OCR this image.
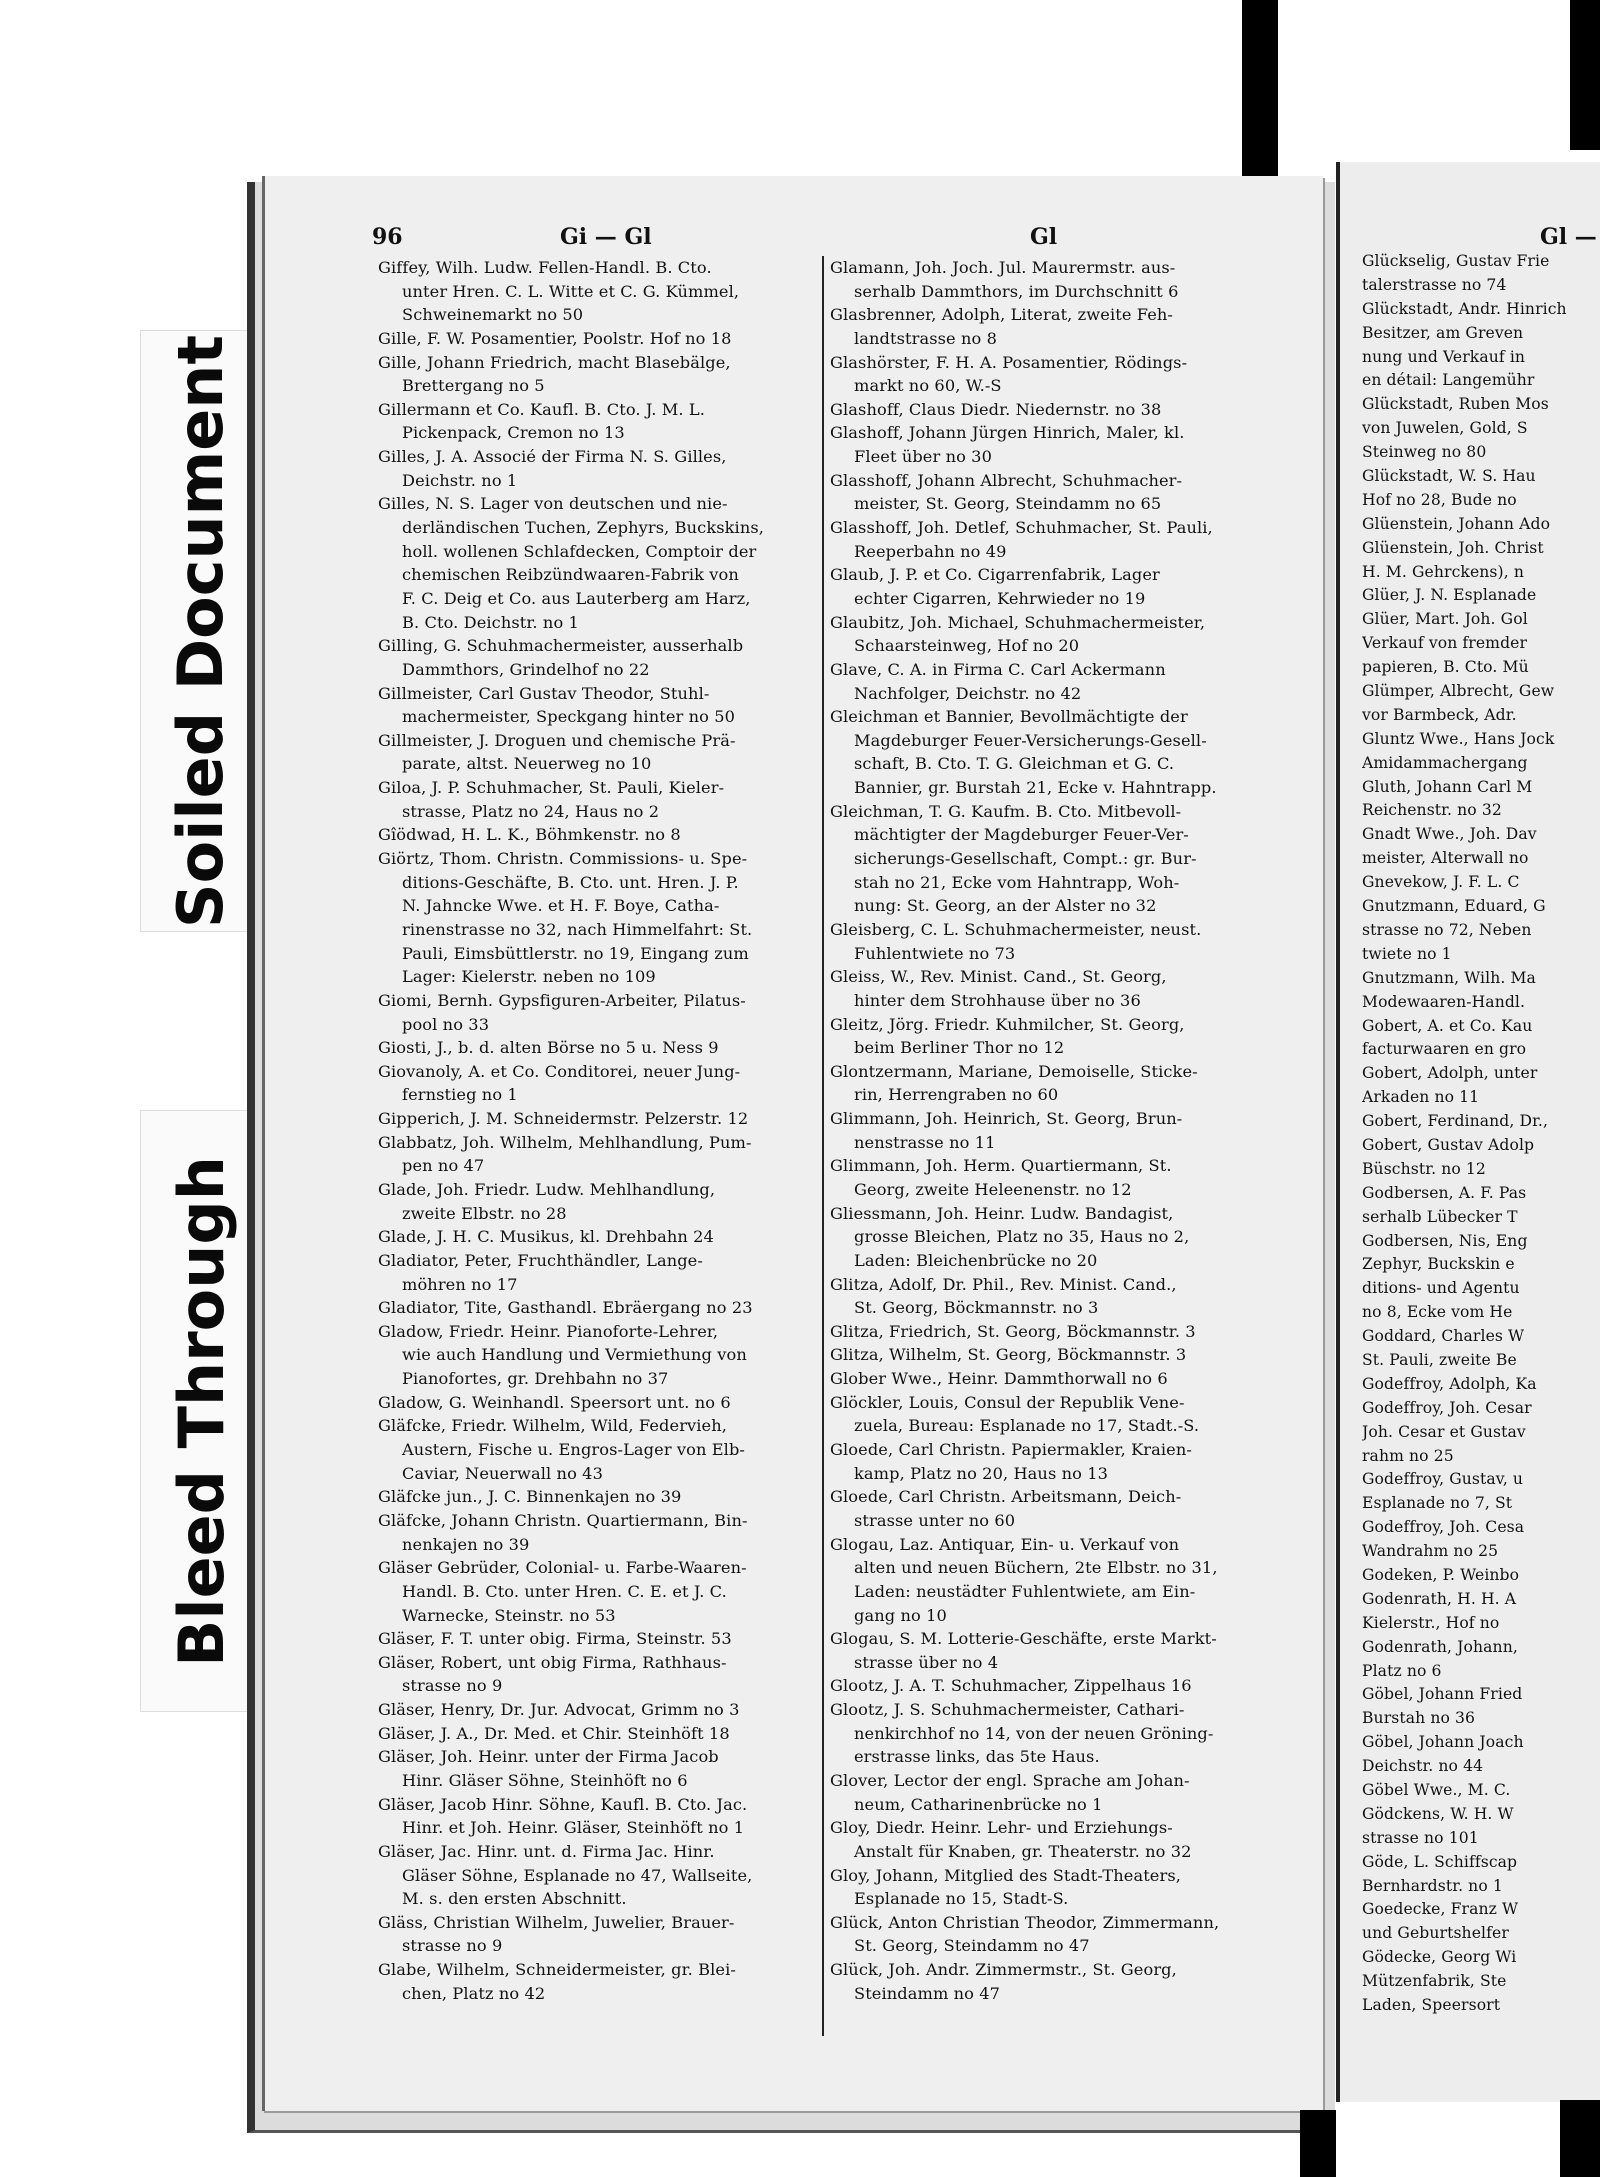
Soiled Document
Bleed Through
96	Gi — Gl	Gl	Gl —
Giffey, Wilh. Ludw. Fellen-Handl. B. Cto.
unter Hren. C. L. Witte et C. G. Kümmel,
Schweinemarkt no 50
Gille, F. W. Posamentier, Poolstr. Hof no 18
Gille, Johann Friedrich, macht Blasebälge,
Brettergang no 5
Gillermann et Co. Kaufl. B. Cto. J. M. L.
Pickenpack, Cremon no 13
Gilles, J. A. Associé der Firma N. S. Gilles,
Deichstr. no 1
Gilles, N. S. Lager von deutschen und nie-
derländischen Tuchen, Zephyrs, Buckskins,
holl. wollenen Schlafdecken, Comptoir der
chemischen Reibzündwaaren-Fabrik von
F. C. Deig et Co. aus Lauterberg am Harz,
B. Cto. Deichstr. no 1
Gilling, G. Schuhmachermeister, ausserhalb
Dammthors, Grindelhof no 22
Gillmeister, Carl Gustav Theodor, Stuhl-
machermeister, Speckgang hinter no 50
Gillmeister, J. Droguen und chemische Prä-
parate, altst. Neuerweg no 10
Giloa, J. P. Schuhmacher, St. Pauli, Kieler-
strasse, Platz no 24, Haus no 2
Gîödwad, H. L. K., Böhmkenstr. no 8
Giörtz, Thom. Christn. Commissions- u. Spe-
ditions-Geschäfte, B. Cto. unt. Hren. J. P.
N. Jahncke Wwe. et H. F. Boye, Catha-
rinenstrasse no 32, nach Himmelfahrt: St.
Pauli, Eimsbüttlerstr. no 19, Eingang zum
Lager: Kielerstr. neben no 109
Giomi, Bernh. Gypsfiguren-Arbeiter, Pilatus-
pool no 33
Giosti, J., b. d. alten Börse no 5 u. Ness 9
Giovanoly, A. et Co. Conditorei, neuer Jung-
fernstieg no 1
Gipperich, J. M. Schneidermstr. Pelzerstr. 12
Glabbatz, Joh. Wilhelm, Mehlhandlung, Pum-
pen no 47
Glade, Joh. Friedr. Ludw. Mehlhandlung,
zweite Elbstr. no 28
Glade, J. H. C. Musikus, kl. Drehbahn 24
Gladiator, Peter, Fruchthändler, Lange-
möhren no 17
Gladiator, Tite, Gasthandl. Ebräergang no 23
Gladow, Friedr. Heinr. Pianoforte-Lehrer,
wie auch Handlung und Vermiethung von
Pianofortes, gr. Drehbahn no 37
Gladow, G. Weinhandl. Speersort unt. no 6
Gläfcke, Friedr. Wilhelm, Wild, Federvieh,
Austern, Fische u. Engros-Lager von Elb-
Caviar, Neuerwall no 43
Gläfcke jun., J. C. Binnenkajen no 39
Gläfcke, Johann Christn. Quartiermann, Bin-
nenkajen no 39
Gläser Gebrüder, Colonial- u. Farbe-Waaren-
Handl. B. Cto. unter Hren. C. E. et J. C.
Warnecke, Steinstr. no 53
Gläser, F. T. unter obig. Firma, Steinstr. 53
Gläser, Robert, unt obig Firma, Rathhaus-
strasse no 9
Gläser, Henry, Dr. Jur. Advocat, Grimm no 3
Gläser, J. A., Dr. Med. et Chir. Steinhöft 18
Gläser, Joh. Heinr. unter der Firma Jacob
Hinr. Gläser Söhne, Steinhöft no 6
Gläser, Jacob Hinr. Söhne, Kaufl. B. Cto. Jac.
Hinr. et Joh. Heinr. Gläser, Steinhöft no 1
Gläser, Jac. Hinr. unt. d. Firma Jac. Hinr.
Gläser Söhne, Esplanade no 47, Wallseite,
M. s. den ersten Abschnitt.
Gläss, Christian Wilhelm, Juwelier, Brauer-
strasse no 9
Glabe, Wilhelm, Schneidermeister, gr. Blei-
chen, Platz no 42
Glamann, Joh. Joch. Jul. Maurermstr. aus-
serhalb Dammthors, im Durchschnitt 6
Glasbrenner, Adolph, Literat, zweite Feh-
landtstrasse no 8
Glashörster, F. H. A. Posamentier, Rödings-
markt no 60, W.-S
Glashoff, Claus Diedr. Niedernstr. no 38
Glashoff, Johann Jürgen Hinrich, Maler, kl.
Fleet über no 30
Glasshoff, Johann Albrecht, Schuhmacher-
meister, St. Georg, Steindamm no 65
Glasshoff, Joh. Detlef, Schuhmacher, St. Pauli,
Reeperbahn no 49
Glaub, J. P. et Co. Cigarrenfabrik, Lager
echter Cigarren, Kehrwieder no 19
Glaubitz, Joh. Michael, Schuhmachermeister,
Schaarsteinweg, Hof no 20
Glave, C. A. in Firma C. Carl Ackermann
Nachfolger, Deichstr. no 42
Gleichman et Bannier, Bevollmächtigte der
Magdeburger Feuer-Versicherungs-Gesell-
schaft, B. Cto. T. G. Gleichman et G. C.
Bannier, gr. Burstah 21, Ecke v. Hahntrapp.
Gleichman, T. G. Kaufm. B. Cto. Mitbevoll-
mächtigter der Magdeburger Feuer-Ver-
sicherungs-Gesellschaft, Compt.: gr. Bur-
stah no 21, Ecke vom Hahntrapp, Woh-
nung: St. Georg, an der Alster no 32
Gleisberg, C. L. Schuhmachermeister, neust.
Fuhlentwiete no 73
Gleiss, W., Rev. Minist. Cand., St. Georg,
hinter dem Strohhause über no 36
Gleitz, Jörg. Friedr. Kuhmilcher, St. Georg,
beim Berliner Thor no 12
Glontzermann, Mariane, Demoiselle, Sticke-
rin, Herrengraben no 60
Glimmann, Joh. Heinrich, St. Georg, Brun-
nenstrasse no 11
Glimmann, Joh. Herm. Quartiermann, St.
Georg, zweite Heleenenstr. no 12
Gliessmann, Joh. Heinr. Ludw. Bandagist,
grosse Bleichen, Platz no 35, Haus no 2,
Laden: Bleichenbrücke no 20
Glitza, Adolf, Dr. Phil., Rev. Minist. Cand.,
St. Georg, Böckmannstr. no 3
Glitza, Friedrich, St. Georg, Böckmannstr. 3
Glitza, Wilhelm, St. Georg, Böckmannstr. 3
Glober Wwe., Heinr. Dammthorwall no 6
Glöckler, Louis, Consul der Republik Vene-
zuela, Bureau: Esplanade no 17, Stadt.-S.
Gloede, Carl Christn. Papiermakler, Kraien-
kamp, Platz no 20, Haus no 13
Gloede, Carl Christn. Arbeitsmann, Deich-
strasse unter no 60
Glogau, Laz. Antiquar, Ein- u. Verkauf von
alten und neuen Büchern, 2te Elbstr. no 31,
Laden: neustädter Fuhlentwiete, am Ein-
gang no 10
Glogau, S. M. Lotterie-Geschäfte, erste Markt-
strasse über no 4
Glootz, J. A. T. Schuhmacher, Zippelhaus 16
Glootz, J. S. Schuhmachermeister, Cathari-
nenkirchhof no 14, von der neuen Gröning-
erstrasse links, das 5te Haus.
Glover, Lector der engl. Sprache am Johan-
neum, Catharinenbrücke no 1
Gloy, Diedr. Heinr. Lehr- und Erziehungs-
Anstalt für Knaben, gr. Theaterstr. no 32
Gloy, Johann, Mitglied des Stadt-Theaters,
Esplanade no 15, Stadt-S.
Glück, Anton Christian Theodor, Zimmermann,
St. Georg, Steindamm no 47
Glück, Joh. Andr. Zimmermstr., St. Georg,
Steindamm no 47
Glückselig, Gustav Frie
talerstrasse no 74
Glückstadt, Andr. Hinrich
Besitzer, am Greven
nung und Verkauf in
en détail: Langemühr
Glückstadt, Ruben Mos
von Juwelen, Gold, S
Steinweg no 80
Glückstadt, W. S. Hau
Hof no 28, Bude no
Glüenstein, Johann Ado
Glüenstein, Joh. Christ
H. M. Gehrckens), n
Glüer, J. N. Esplanade
Glüer, Mart. Joh. Gol
Verkauf von fremder
papieren, B. Cto. Mü
Glümper, Albrecht, Gew
vor Barmbeck, Adr.
Gluntz Wwe., Hans Jock
Amidammachergang
Gluth, Johann Carl M
Reichenstr. no 32
Gnadt Wwe., Joh. Dav
meister, Alterwall no
Gnevekow, J. F. L. C
Gnutzmann, Eduard, G
strasse no 72, Neben
twiete no 1
Gnutzmann, Wilh. Ma
Modewaaren-Handl.
Gobert, A. et Co. Kau
facturwaaren en gro
Gobert, Adolph, unter
Arkaden no 11
Gobert, Ferdinand, Dr.,
Gobert, Gustav Adolp
Büschstr. no 12
Godbersen, A. F. Pas
serhalb Lübecker T
Godbersen, Nis, Eng
Zephyr, Buckskin e
ditions- und Agentu
no 8, Ecke vom He
Goddard, Charles W
St. Pauli, zweite Be
Godeffroy, Adolph, Ka
Godeffroy, Joh. Cesar
Joh. Cesar et Gustav
rahm no 25
Godeffroy, Gustav, u
Esplanade no 7, St
Godeffroy, Joh. Cesa
Wandrahm no 25
Godeken, P. Weinbo
Godenrath, H. H. A
Kielerstr., Hof no
Godenrath, Johann,
Platz no 6
Göbel, Johann Fried
Burstah no 36
Göbel, Johann Joach
Deichstr. no 44
Göbel Wwe., M. C.
Gödckens, W. H. W
strasse no 101
Göde, L. Schiffscap
Bernhardstr. no 1
Goedecke, Franz W
und Geburtshelfer
Gödecke, Georg Wi
Mützenfabrik, Ste
Laden, Speersort
